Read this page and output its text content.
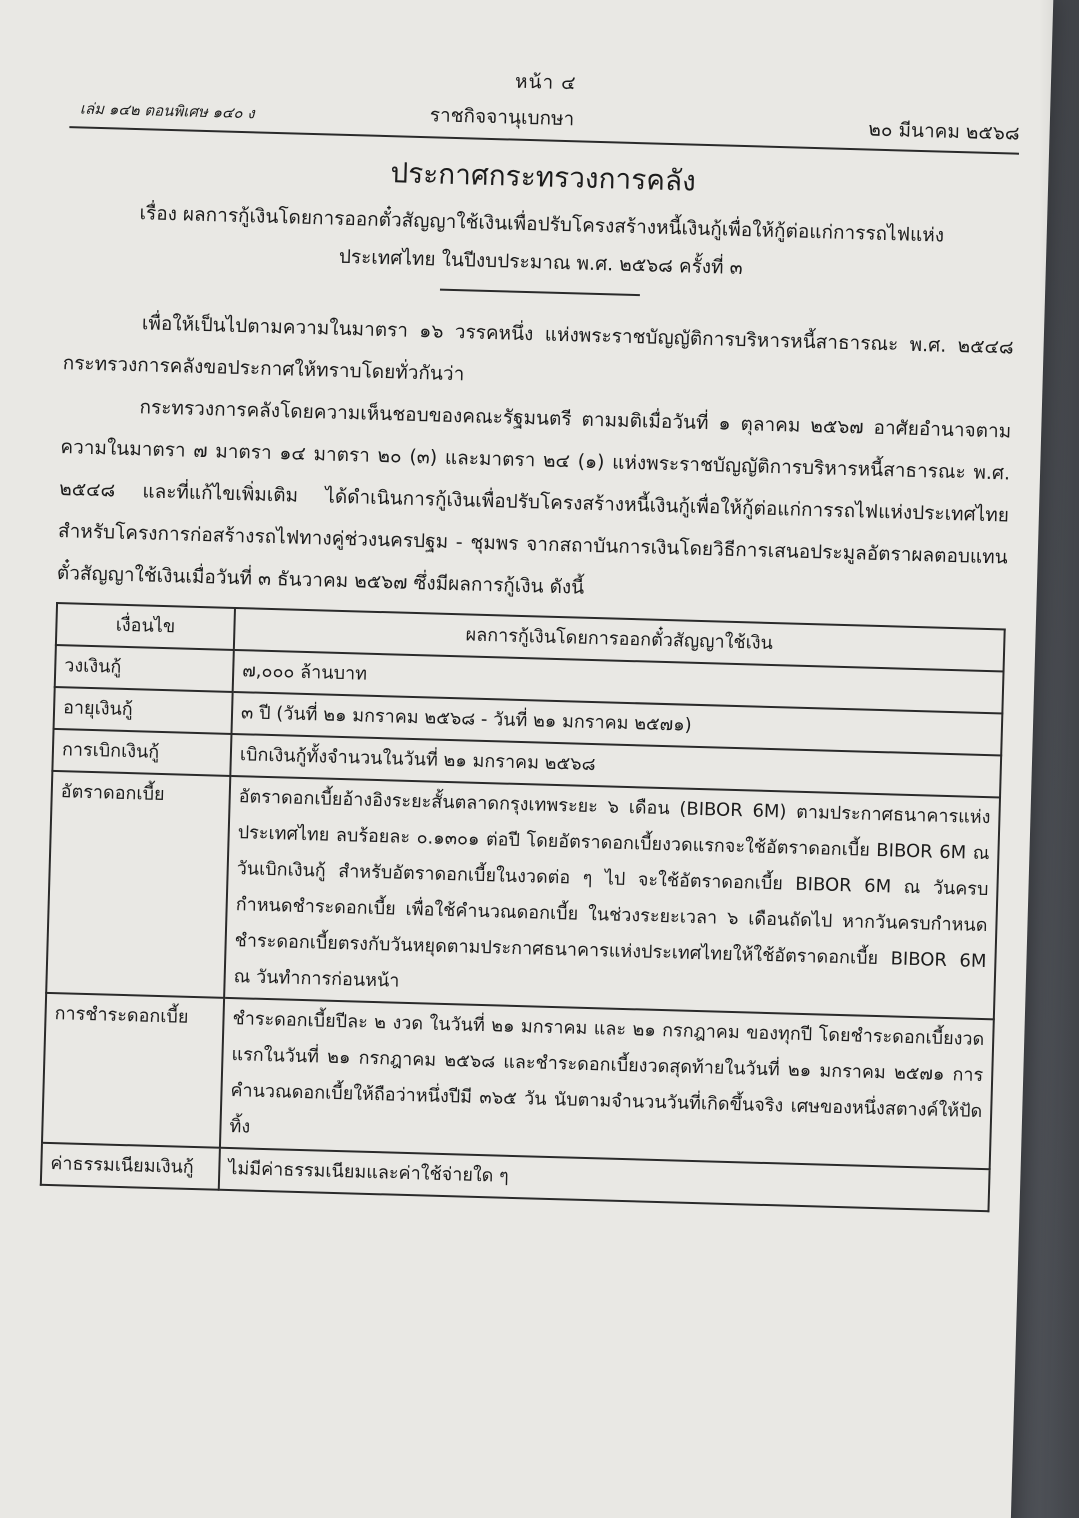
หน้า ๔
เล่ม ๑๔๒ ตอนพิเศษ ๑๔๐ ง	ราชกิจจานุเบกษา
๒๐ มีนาคม ๒๕๖๘
ประกาศกระทรวงการคลัง
เรื่อง ผลการกู้เงินโดยการออกตั๋วสัญญาใช้เงินเพื่อปรับโครงสร้างหนี้เงินกู้เพื่อให้กู้ต่อแก่การรถไฟแห่งประเทศไทย ในปีงบประมาณ พ.ศ. ๒๕๖๘ ครั้งที่ ๓

เพื่อให้เป็นไปตามความในมาตรา ๑๖ วรรคหนึ่ง แห่งพระราชบัญญัติการบริหารหนี้สาธารณะ พ.ศ. ๒๕๔๘ กระทรวงการคลังขอประกาศให้ทราบโดยทั่วกันว่า

กระทรวงการคลังโดยความเห็นชอบของคณะรัฐมนตรี ตามมติเมื่อวันที่ ๑ ตุลาคม ๒๕๖๗ อาศัยอำนาจตามความในมาตรา ๗ มาตรา ๑๔ มาตรา ๒๐ (๓) และมาตรา ๒๔ (๑) แห่งพระราชบัญญัติการบริหารหนี้สาธารณะ พ.ศ. ๒๕๔๘ และที่แก้ไขเพิ่มเติม ได้ดำเนินการกู้เงินเพื่อปรับโครงสร้างหนี้เงินกู้เพื่อให้กู้ต่อแก่การรถไฟแห่งประเทศไทย สำหรับโครงการก่อสร้างรถไฟทางคู่ช่วงนครปฐม - ชุมพร จากสถาบันการเงินโดยวิธีการเสนอประมูลอัตราผลตอบแทนตั๋วสัญญาใช้เงินเมื่อวันที่ ๓ ธันวาคม ๒๕๖๗ ซึ่งมีผลการกู้เงิน ดังนี้

เงื่อนไข	ผลการกู้เงินโดยการออกตั๋วสัญญาใช้เงิน
วงเงินกู้	๗,๐๐๐ ล้านบาท
อายุเงินกู้	๓ ปี (วันที่ ๒๑ มกราคม ๒๕๖๘ - วันที่ ๒๑ มกราคม ๒๕๗๑)
การเบิกเงินกู้	เบิกเงินกู้ทั้งจำนวนในวันที่ ๒๑ มกราคม ๒๕๖๘
อัตราดอกเบี้ย	อัตราดอกเบี้ยอ้างอิงระยะสั้นตลาดกรุงเทพระยะ ๖ เดือน (BIBOR 6M) ตามประกาศธนาคารแห่งประเทศไทย ลบร้อยละ ๐.๑๓๐๑ ต่อปี โดยอัตราดอกเบี้ยงวดแรกจะใช้อัตราดอกเบี้ย BIBOR 6M ณ วันเบิกเงินกู้ สำหรับอัตราดอกเบี้ยในงวดต่อ ๆ ไป จะใช้อัตราดอกเบี้ย BIBOR 6M ณ วันครบกำหนดชำระดอกเบี้ย เพื่อใช้คำนวณดอกเบี้ย ในช่วงระยะเวลา ๖ เดือนถัดไป หากวันครบกำหนดชำระดอกเบี้ยตรงกับวันหยุดตามประกาศธนาคารแห่งประเทศไทยให้ใช้อัตราดอกเบี้ย BIBOR 6M ณ วันทำการก่อนหน้า
การชำระดอกเบี้ย	ชำระดอกเบี้ยปีละ ๒ งวด ในวันที่ ๒๑ มกราคม และ ๒๑ กรกฎาคม ของทุกปี โดยชำระดอกเบี้ยงวดแรกในวันที่ ๒๑ กรกฎาคม ๒๕๖๘ และชำระดอกเบี้ยงวดสุดท้ายในวันที่ ๒๑ มกราคม ๒๕๗๑ การคำนวณดอกเบี้ยให้ถือว่าหนึ่งปีมี ๓๖๕ วัน นับตามจำนวนวันที่เกิดขึ้นจริง เศษของหนึ่งสตางค์ให้ปัดทิ้ง
ค่าธรรมเนียมเงินกู้	ไม่มีค่าธรรมเนียมและค่าใช้จ่ายใด ๆ
